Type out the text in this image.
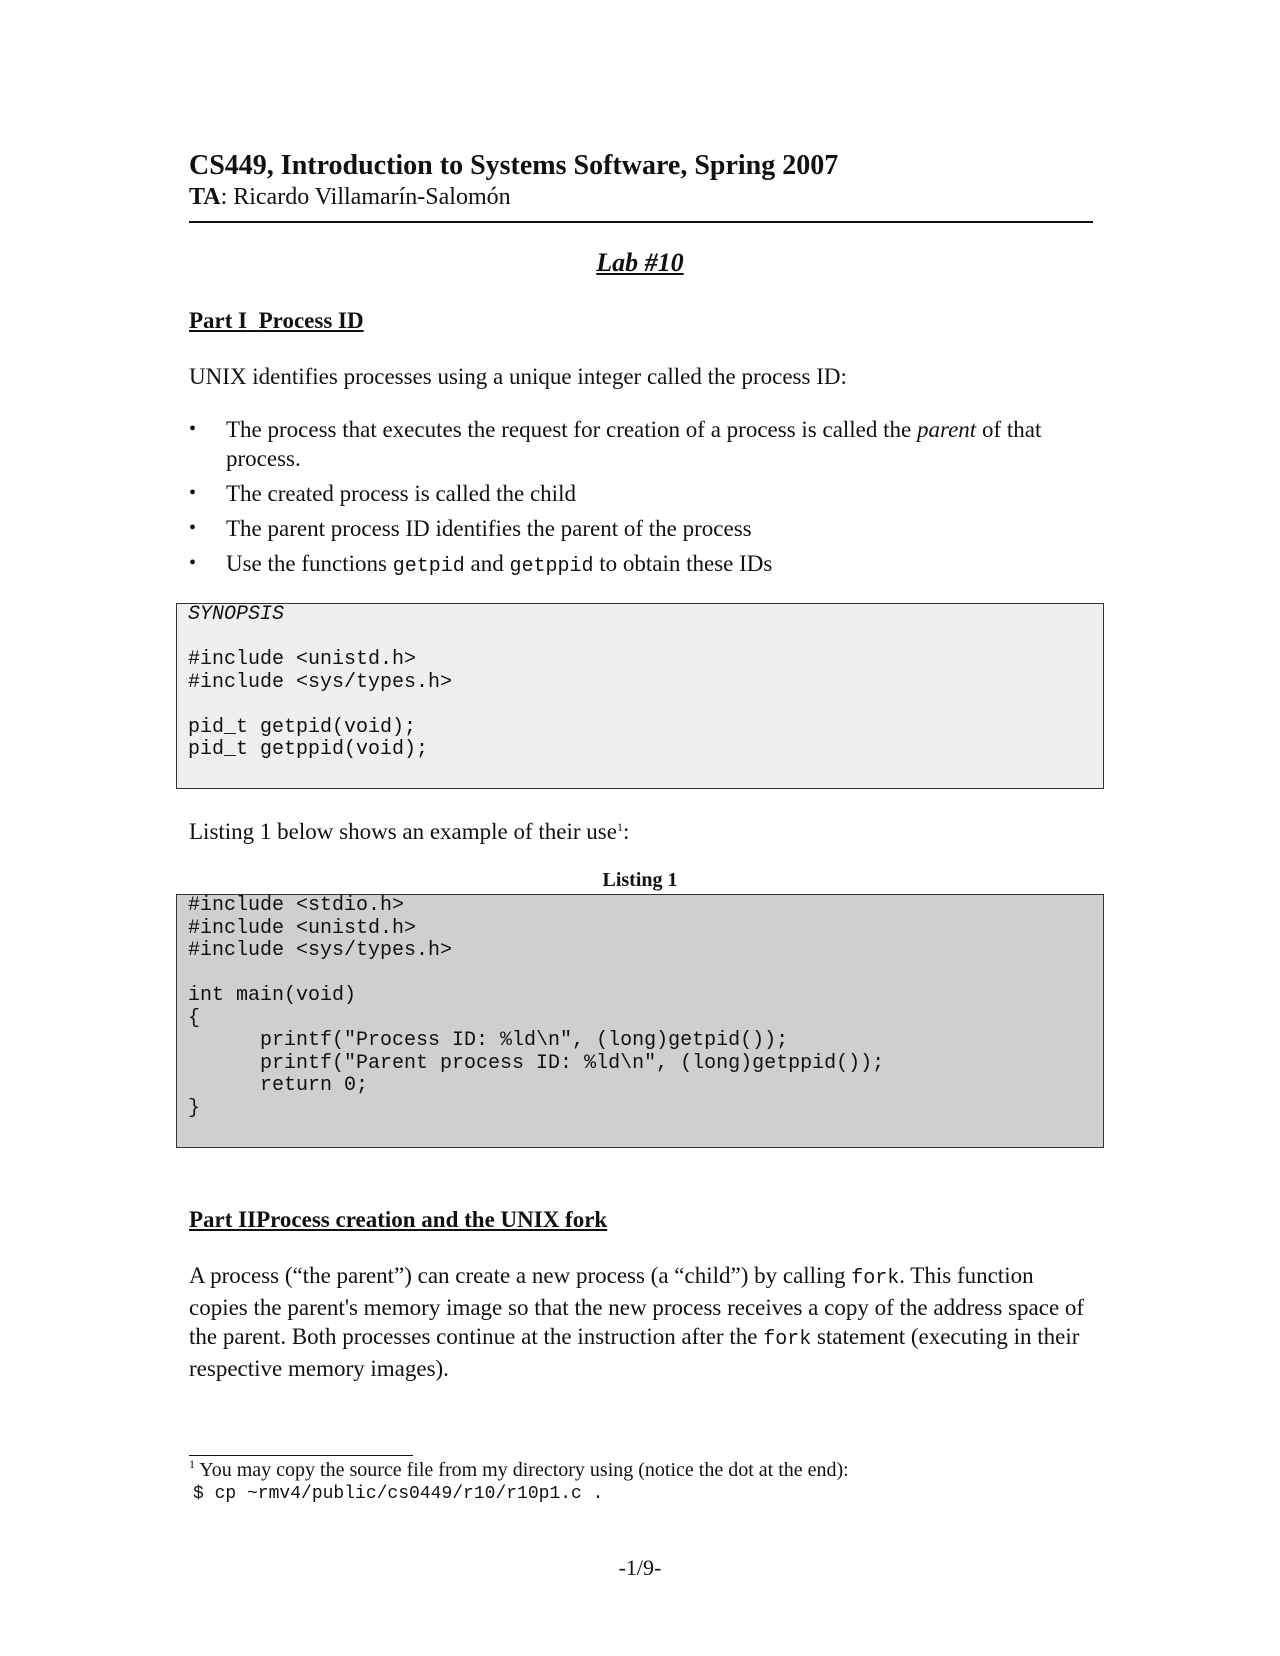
CS449, Introduction to Systems Software, Spring 2007
TA: Ricardo Villamarín-Salomón
Lab #10
Part I Process ID
UNIX identifies processes using a unique integer called the process ID:
• The process that executes the request for creation of a process is called the parent of that process.
• The created process is called the child
• The parent process ID identifies the parent of the process
• Use the functions getpid and getppid to obtain these IDs
SYNOPSIS
#include <unistd.h>
#include <sys/types.h>

pid_t getpid(void);
pid_t getppid(void);
Listing 1 below shows an example of their use$^1$:
Listing 1
#include <stdio.h>
#include <unistd.h>
#include <sys/types.h>

int main(void)
{
printf("Process ID: %ld\n", (long)getpid());
printf("Parent process ID: %ld\n", (long)getppid());
return 0;
}
Part IIProcess creation and the UNIX fork
A process (“the parent”) can create a new process (a “child”) by calling fork. This function copies the parent's memory image so that the new process receives a copy of the address space of the parent. Both processes continue at the instruction after the fork statement (executing in their respective memory images).
$^1$ You may copy the source file from my directory using (notice the dot at the end):
$ cp ~rmv4/public/cs0449/r10/r10p1.c .
-1/9-
